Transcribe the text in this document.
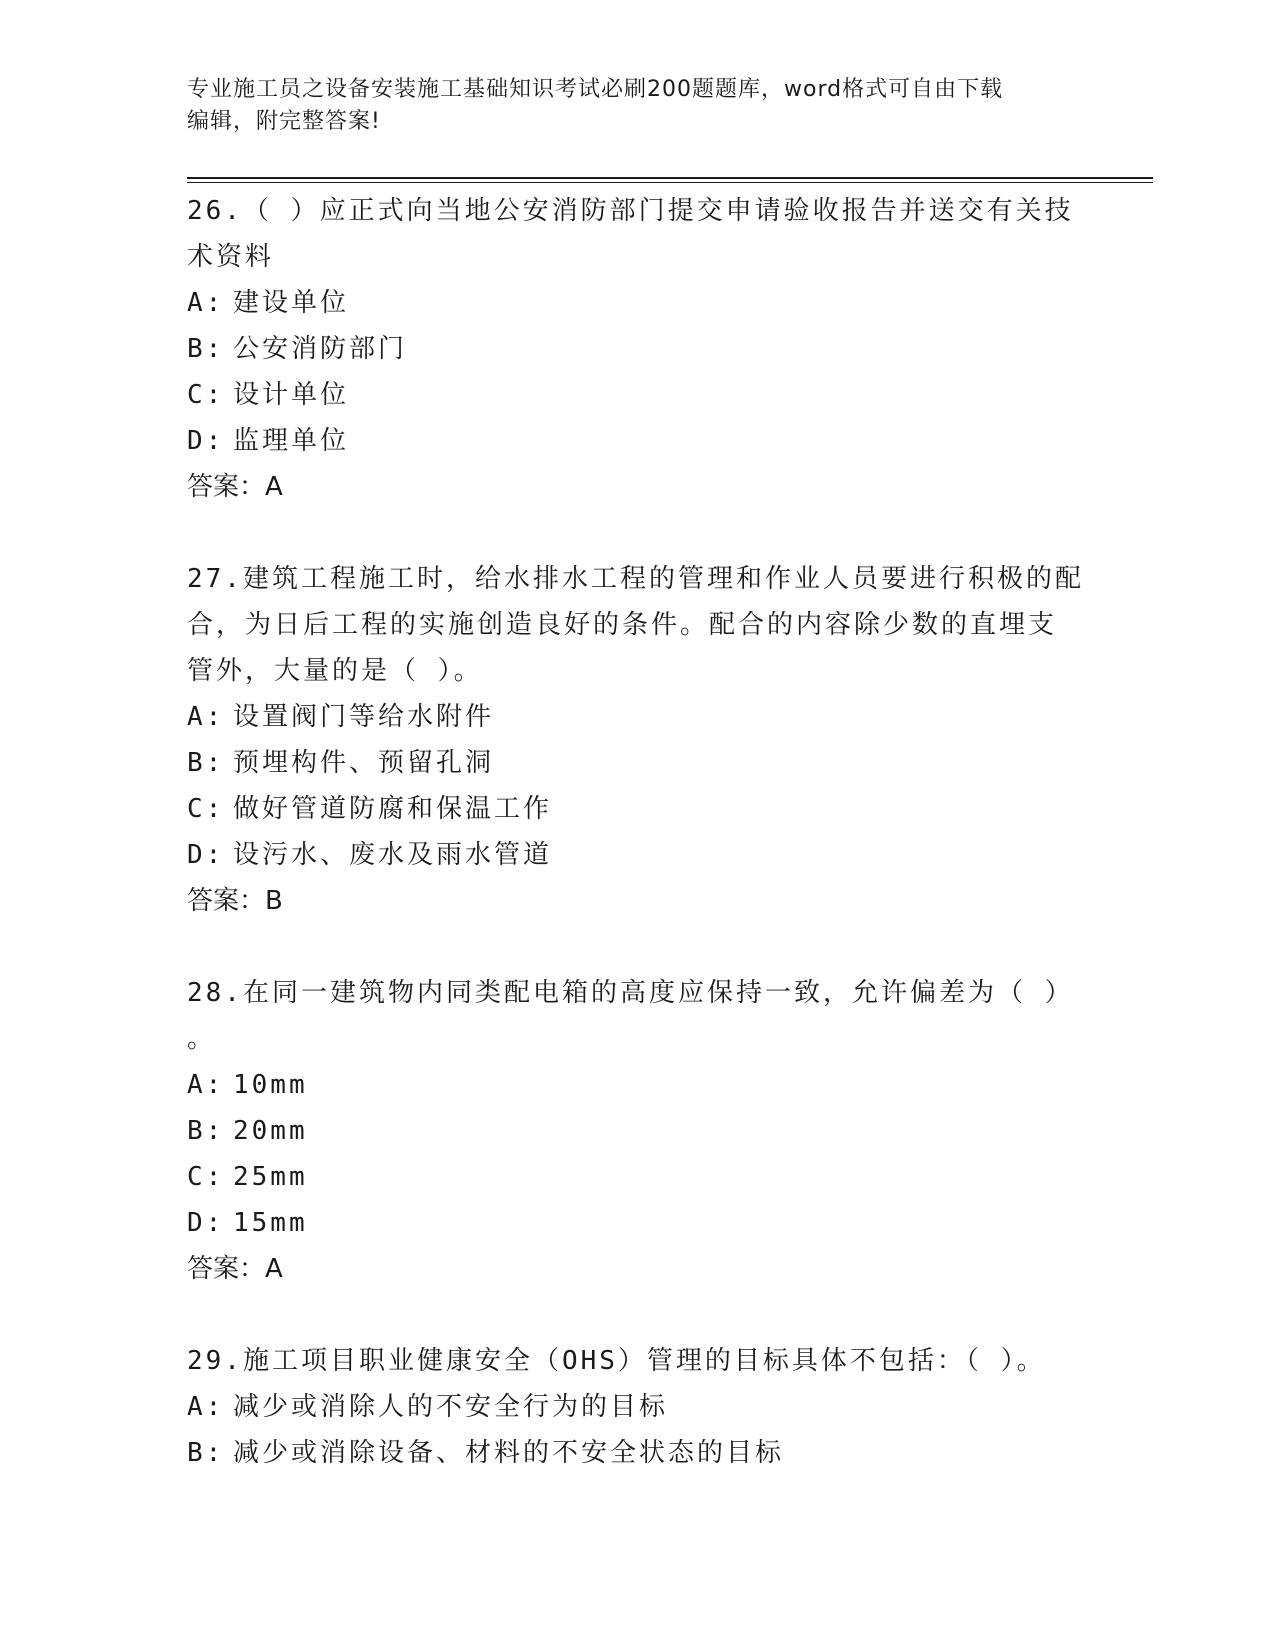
专业施工员之设备安装施工基础知识考试必刷200题题库，word格式可自由下载
编辑，附完整答案!

26.（ ）应正式向当地公安消防部门提交申请验收报告并送交有关技

术资料

A: 建设单位

B: 公安消防部门

C: 设计单位

D: 监理单位

答案：A

27.建筑工程施工时，给水排水工程的管理和作业人员要进行积极的配

合，为日后工程的实施创造良好的条件。配合的内容除少数的直埋支

管外，大量的是（ ）。

A: 设置阀门等给水附件

B: 预埋构件、预留孔洞

C: 做好管道防腐和保温工作

D: 设污水、废水及雨水管道

答案：B

28.在同一建筑物内同类配电箱的高度应保持一致，允许偏差为（ ）

。

A: 10mm

B: 20mm

C: 25mm

D: 15mm

答案：A

29.施工项目职业健康安全（OHS）管理的目标具体不包括：（ ）。

A: 减少或消除人的不安全行为的目标

B: 减少或消除设备、材料的不安全状态的目标
